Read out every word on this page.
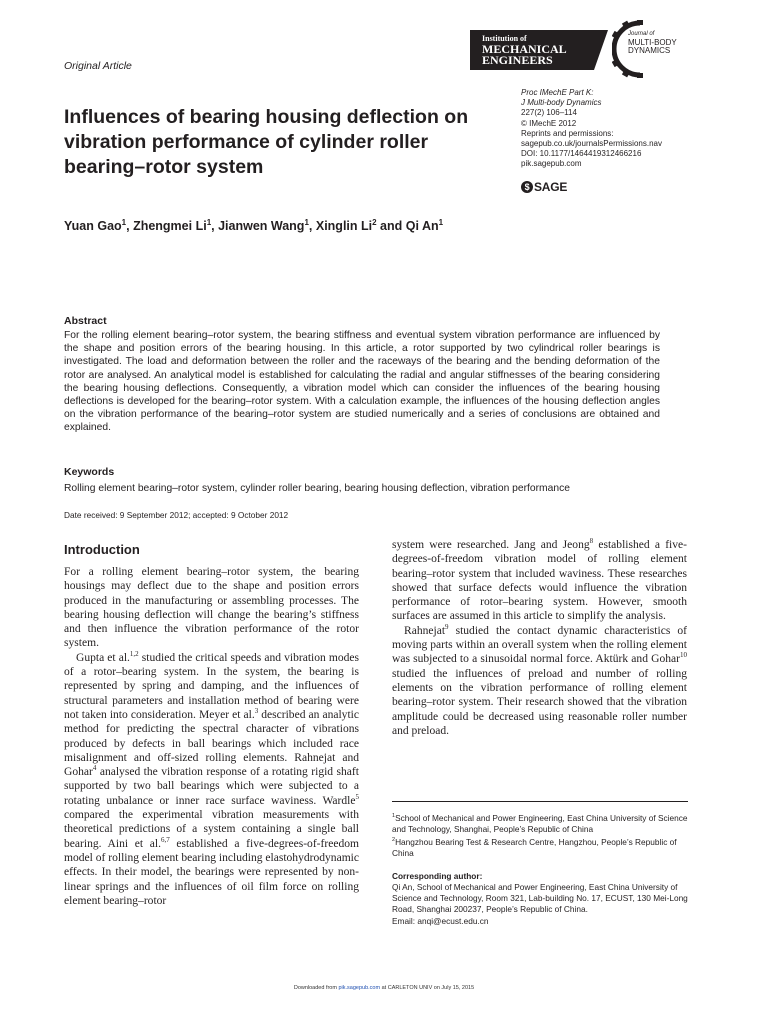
Original Article
Institution of
MECHANICAL
ENGINEERS
Journal of
MULTI-BODY
DYNAMICS
Influences of bearing housing deflection on vibration performance of cylinder roller bearing–rotor system
Proc IMechE Part K:
J Multi-body Dynamics
227(2) 106–114
© IMechE 2012
Reprints and permissions:
sagepub.co.uk/journalsPermissions.nav
DOI: 10.1177/1464419312466216
pik.sagepub.com
$ SAGE
Yuan Gao$^1$, Zhengmei Li$^1$, Jianwen Wang$^1$, Xinglin Li$^2$ and Qi An$^1$
Abstract
For the rolling element bearing–rotor system, the bearing stiffness and eventual system vibration performance are influenced by the shape and position errors of the bearing housing. In this article, a rotor supported by two cylindrical roller bearings is investigated. The load and deformation between the roller and the raceways of the bearing and the bending deformation of the rotor are analysed. An analytical model is established for calculating the radial and angular stiffnesses of the bearing considering the bearing housing deflections. Consequently, a vibration model which can consider the influences of the bearing housing deflections is developed for the bearing–rotor system. With a calculation example, the influences of the housing deflection angles on the vibration performance of the bearing–rotor system are studied numerically and a series of conclusions are obtained and explained.
Keywords
Rolling element bearing–rotor system, cylinder roller bearing, bearing housing deflection, vibration performance
Date received: 9 September 2012; accepted: 9 October 2012
Introduction

For a rolling element bearing–rotor system, the bearing housings may deflect due to the shape and position errors produced in the manufacturing or assembling processes. The bearing housing deflection will change the bearing’s stiffness and then influence the vibration performance of the rotor system.

Gupta et al.$^{1,2}$ studied the critical speeds and vibration modes of a rotor–bearing system. In the system, the bearing is represented by spring and damping, and the influences of structural parameters and installation method of bearing were not taken into consideration. Meyer et al.$^3$ described an analytic method for predicting the spectral character of vibrations produced by defects in ball bearings which included race misalignment and off-sized rolling elements. Rahnejat and Gohar$^4$ analysed the vibration response of a rotating rigid shaft supported by two ball bearings which were subjected to a rotating unbalance or inner race surface waviness. Wardle$^5$ compared the experimental vibration measurements with theoretical predictions of a system containing a single ball bearing. Aini et al.$^{6,7}$ established a five-degrees-of-freedom model of rolling element bearing including elastohydrodynamic effects. In their model, the bearings were represented by non-linear springs and the influences of oil film force on rolling element bearing–rotor

system were researched. Jang and Jeong$^8$ established a five-degrees-of-freedom vibration model of rolling element bearing–rotor system that included waviness. These researches showed that surface defects would influence the vibration performance of rotor–bearing system. However, smooth surfaces are assumed in this article to simplify the analysis.

Rahnejat$^9$ studied the contact dynamic characteristics of moving parts within an overall system when the rolling element was subjected to a sinusoidal normal force. Aktürk and Gohar$^{10}$ studied the influences of preload and number of rolling elements on the vibration performance of rolling element bearing–rotor system. Their research showed that the vibration amplitude could be decreased using reasonable roller number and preload.

$^1$School of Mechanical and Power Engineering, East China University of Science and Technology, Shanghai, People’s Republic of China
$^2$Hangzhou Bearing Test & Research Centre, Hangzhou, People’s Republic of China
Corresponding author:
Qi An, School of Mechanical and Power Engineering, East China University of Science and Technology, Room 321, Lab-building No. 17, ECUST, 130 Mei-Long Road, Shanghai 200237, People’s Republic of China.
Email: anqi@ecust.edu.cn
Downloaded from pik.sagepub.com at CARLETON UNIV on July 15, 2015
